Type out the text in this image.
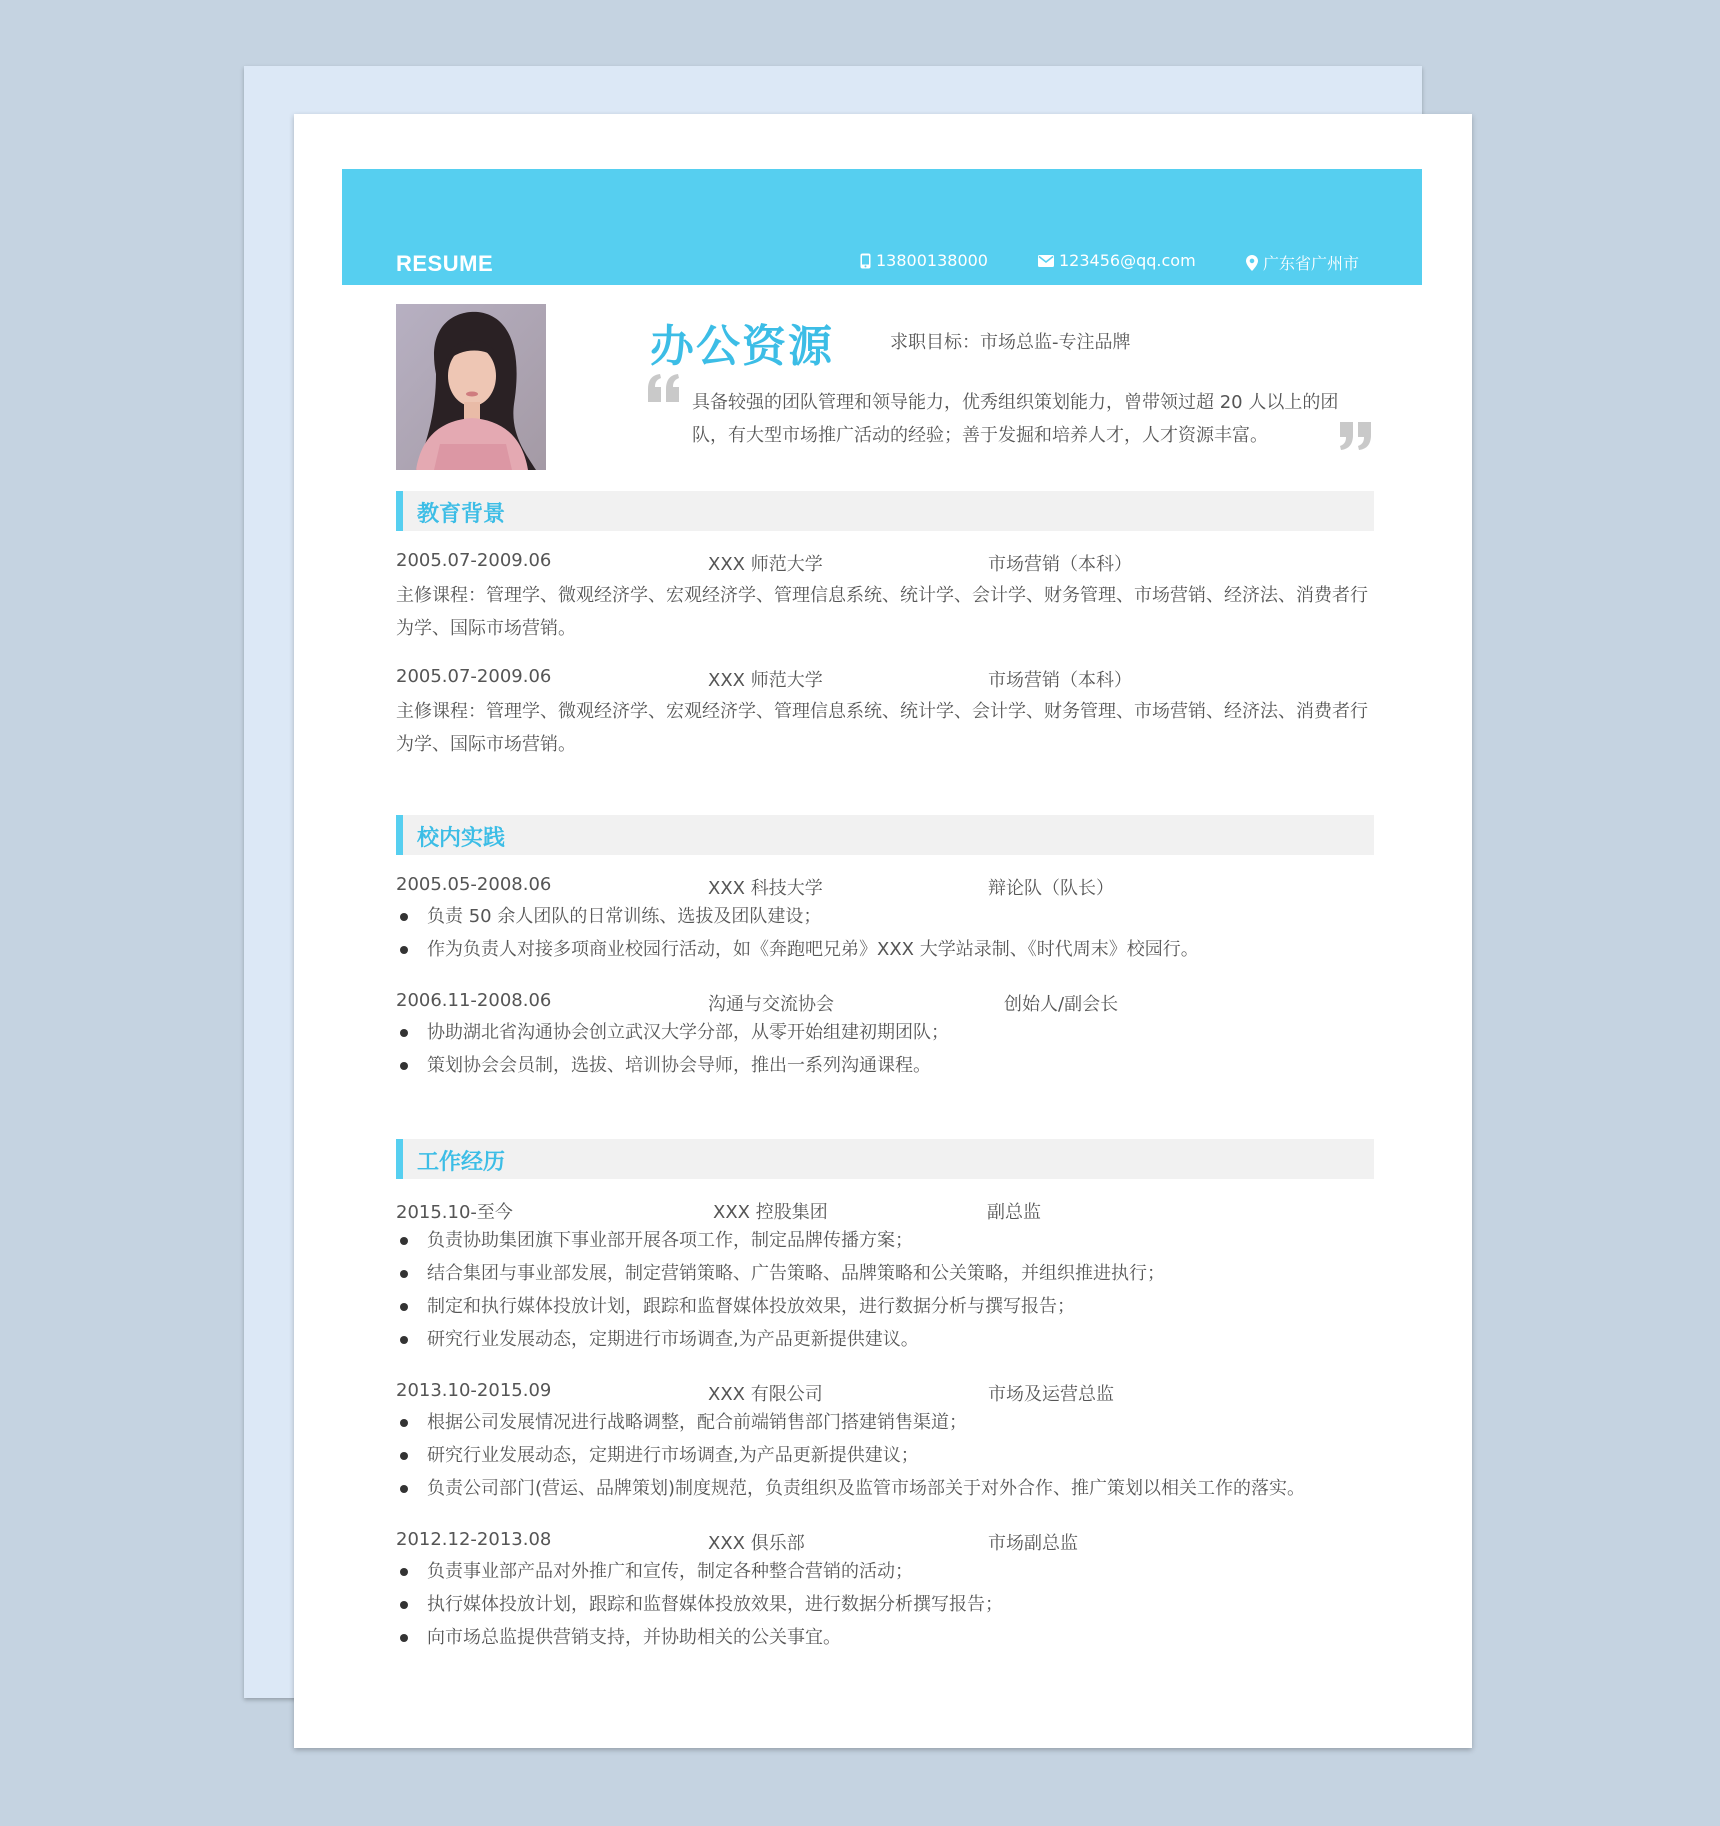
RESUME	13800138000	123456@qq.com	广东省广州市
办公资源	求职目标：市场总监-专注品牌
具备较强的团队管理和领导能力，优秀组织策划能力，曾带领过超 20 人以上的团队，有大型市场推广活动的经验；善于发掘和培养人才，人才资源丰富。
教育背景
2005.07-2009.06	XXX 师范大学	市场营销（本科）
主修课程：管理学、微观经济学、宏观经济学、管理信息系统、统计学、会计学、财务管理、市场营销、经济法、消费者行为学、国际市场营销。
2005.07-2009.06	XXX 师范大学	市场营销（本科）
主修课程：管理学、微观经济学、宏观经济学、管理信息系统、统计学、会计学、财务管理、市场营销、经济法、消费者行为学、国际市场营销。
校内实践
2005.05-2008.06	XXX 科技大学	辩论队（队长）
负责 50 余人团队的日常训练、选拔及团队建设；
作为负责人对接多项商业校园行活动，如《奔跑吧兄弟》XXX 大学站录制、《时代周末》校园行。
2006.11-2008.06	沟通与交流协会	创始人/副会长
协助湖北省沟通协会创立武汉大学分部，从零开始组建初期团队；
策划协会会员制，选拔、培训协会导师，推出一系列沟通课程。
工作经历
2015.10-至今	XXX 控股集团	副总监
负责协助集团旗下事业部开展各项工作，制定品牌传播方案；
结合集团与事业部发展，制定营销策略、广告策略、品牌策略和公关策略，并组织推进执行；
制定和执行媒体投放计划，跟踪和监督媒体投放效果，进行数据分析与撰写报告；
研究行业发展动态，定期进行市场调查,为产品更新提供建议。
2013.10-2015.09	XXX 有限公司	市场及运营总监
根据公司发展情况进行战略调整，配合前端销售部门搭建销售渠道；
研究行业发展动态，定期进行市场调查,为产品更新提供建议；
负责公司部门(营运、品牌策划)制度规范，负责组织及监管市场部关于对外合作、推广策划以相关工作的落实。
2012.12-2013.08	XXX 俱乐部	市场副总监
负责事业部产品对外推广和宣传，制定各种整合营销的活动；
执行媒体投放计划，跟踪和监督媒体投放效果，进行数据分析撰写报告；
向市场总监提供营销支持，并协助相关的公关事宜。
